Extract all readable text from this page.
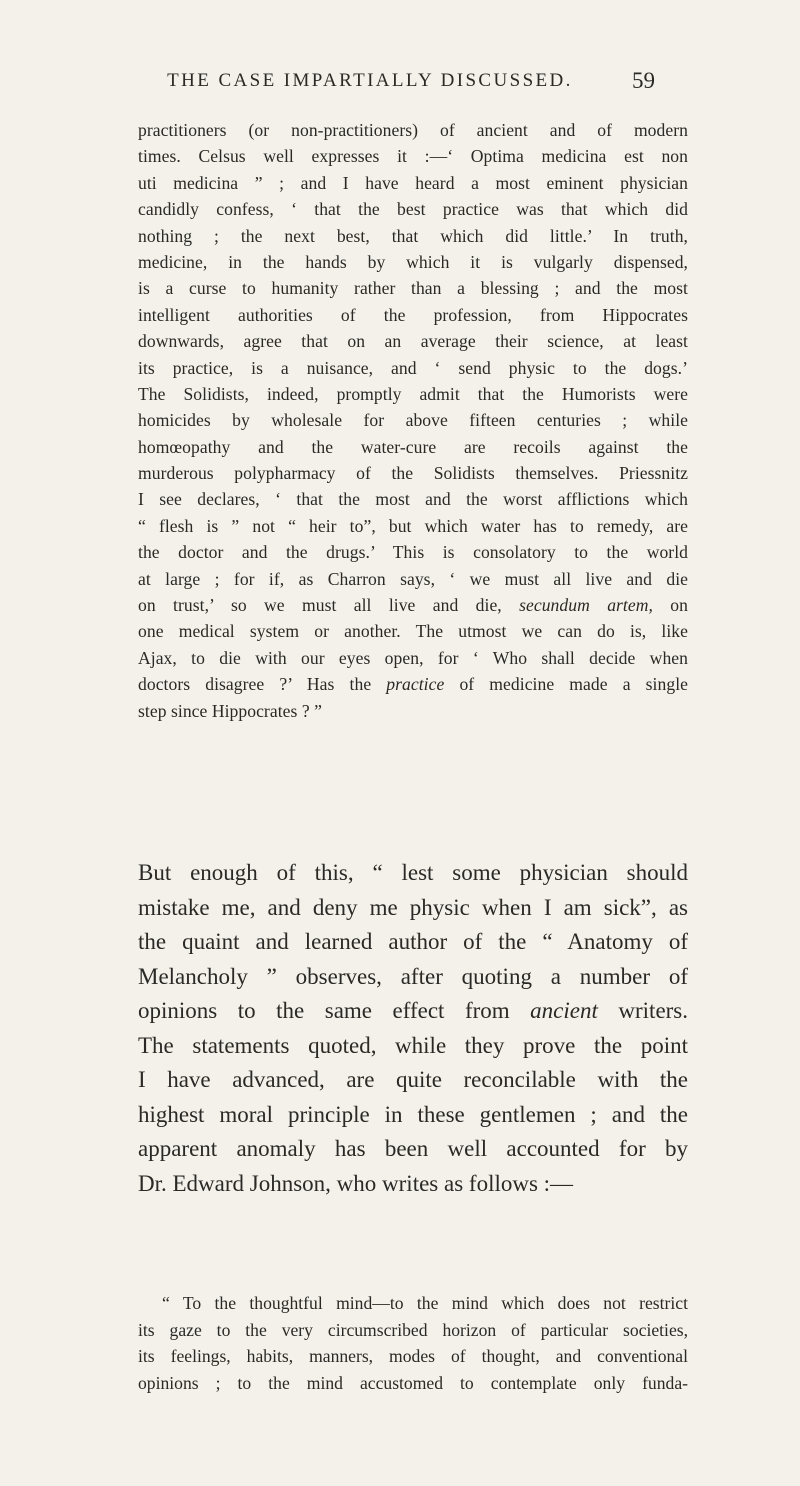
THE CASE IMPARTIALLY DISCUSSED.	59
practitioners (or non-practitioners) of ancient and of modern
times. Celsus well expresses it :—‘ Optima medicina est non
uti medicina ” ; and I have heard a most eminent physician
candidly confess, ‘ that the best practice was that which did
nothing ; the next best, that which did little.’ In truth,
medicine, in the hands by which it is vulgarly dispensed,
is a curse to humanity rather than a blessing ; and the most
intelligent authorities of the profession, from Hippocrates
downwards, agree that on an average their science, at least
its practice, is a nuisance, and ‘ send physic to the dogs.’
The Solidists, indeed, promptly admit that the Humorists were
homicides by wholesale for above fifteen centuries ; while
homœopathy and the water-cure are recoils against the
murderous polypharmacy of the Solidists themselves. Priessnitz
I see declares, ‘ that the most and the worst afflictions which
“ flesh is ” not “ heir to”, but which water has to remedy, are
the doctor and the drugs.’ This is consolatory to the world
at large ; for if, as Charron says, ‘ we must all live and die
on trust,’ so we must all live and die, secundum artem, on
one medical system or another. The utmost we can do is, like
Ajax, to die with our eyes open, for ‘ Who shall decide when
doctors disagree ?’ Has the practice of medicine made a single
step since Hippocrates ? ”
But enough of this, “ lest some physician should
mistake me, and deny me physic when I am sick”, as
the quaint and learned author of the “ Anatomy of
Melancholy ” observes, after quoting a number of
opinions to the same effect from ancient writers.
The statements quoted, while they prove the point
I have advanced, are quite reconcilable with the
highest moral principle in these gentlemen ; and the
apparent anomaly has been well accounted for by
Dr. Edward Johnson, who writes as follows :—
“ To the thoughtful mind—to the mind which does not restrict
its gaze to the very circumscribed horizon of particular societies,
its feelings, habits, manners, modes of thought, and conventional
opinions ; to the mind accustomed to contemplate only funda-
